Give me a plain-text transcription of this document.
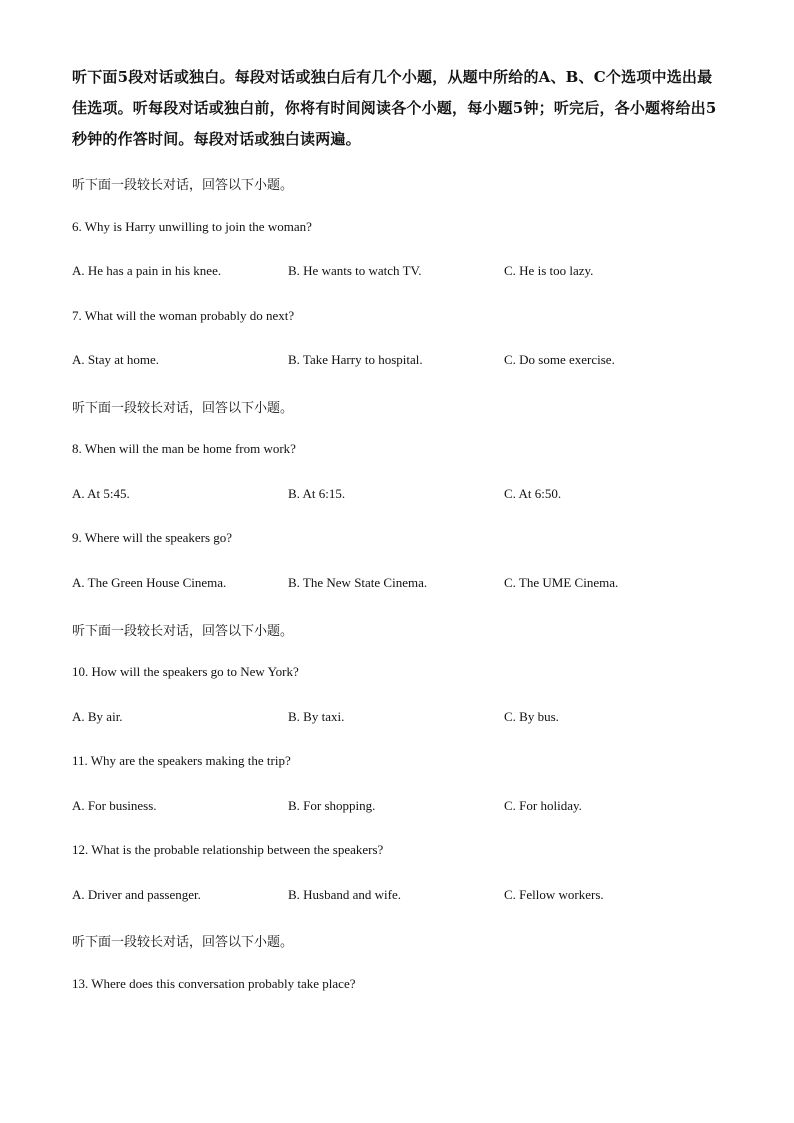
听下面5段对话或独白。每段对话或独白后有几个小题，从题中所给的A、B、C个选项中选出最佳选项。听每段对话或独白前，你将有时间阅读各个小题，每小题5钟；听完后，各小题将给出5秒钟的作答时间。每段对话或独白读两遍。

听下面一段较长对话，回答以下小题。
6. Why is Harry unwilling to join the woman?
A. He has a pain in his knee.	B. He wants to watch TV.	C. He is too lazy.
7. What will the woman probably do next?
A. Stay at home.	B. Take Harry to hospital.	C. Do some exercise.
听下面一段较长对话，回答以下小题。
8. When will the man be home from work?
A. At 5:45.	B. At 6:15.	C. At 6:50.
9. Where will the speakers go?
A. The Green House Cinema.	B. The New State Cinema.	C. The UME Cinema.
听下面一段较长对话，回答以下小题。
10. How will the speakers go to New York?
A. By air.	B. By taxi.	C. By bus.
11. Why are the speakers making the trip?
A. For business.	B. For shopping.	C. For holiday.
12. What is the probable relationship between the speakers?
A. Driver and passenger.	B. Husband and wife.	C. Fellow workers.
听下面一段较长对话，回答以下小题。
13. Where does this conversation probably take place?
